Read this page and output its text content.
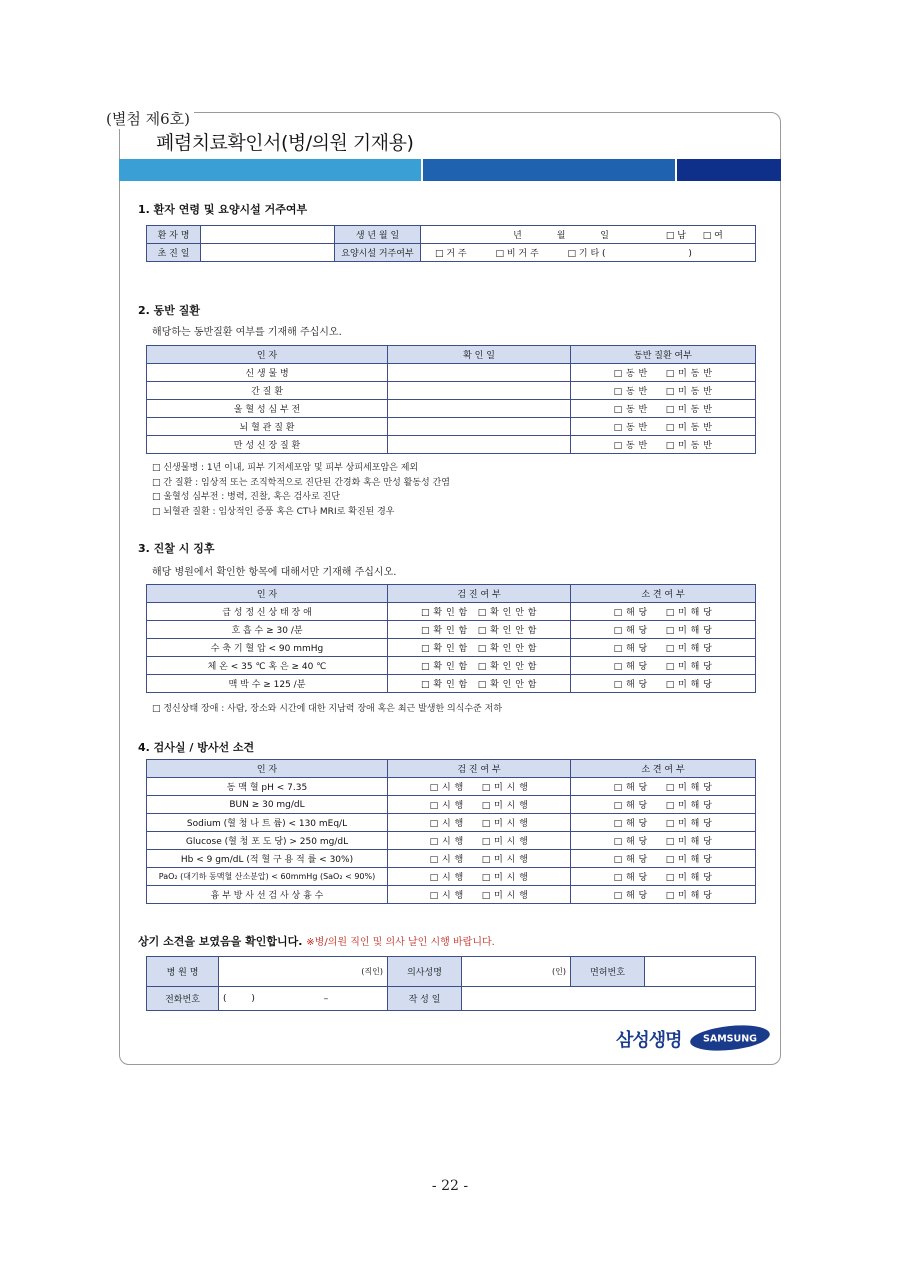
(별첨 제6호)
폐렴치료확인서(병/의원 기재용)
1. 환자 연령 및 요양시설 거주여부
환 자 명		생 년 월 일	년 월 일 □ 남 □ 여
초 진 일		요양시설 거주여부	□ 거 주 □ 비 거 주 □ 기 타 ( )
2. 동반 질환
해당하는 동반질환 여부를 기재해 주십시오.
인 자	확 인 일	동반 질환 여부
신 생 물 병		□ 동 반 □ 미 동 반
간 질 환		□ 동 반 □ 미 동 반
울 혈 성 심 부 전		□ 동 반 □ 미 동 반
뇌 혈 관 질 환		□ 동 반 □ 미 동 반
만 성 신 장 질 환		□ 동 반 □ 미 동 반
□ 신생물병 : 1년 이내, 피부 기저세포암 및 피부 상피세포암은 제외
□ 간 질환 : 임상적 또는 조직학적으로 진단된 간경화 혹은 만성 활동성 간염
□ 울혈성 심부전 : 병력, 진찰, 혹은 검사로 진단
□ 뇌혈관 질환 : 임상적인 증풍 혹은 CT나 MRI로 확진된 경우
3. 진찰 시 징후
해당 병원에서 확인한 항목에 대해서만 기재해 주십시오.
인 자	검 진 여 부	소 견 여 부
급 성 정 신 상 태 장 애	□ 확 인 함 □ 확 인 안 함	□ 해 당 □ 미 해 당
호 흡 수 ≥ 30 /분	□ 확 인 함 □ 확 인 안 함	□ 해 당 □ 미 해 당
수 축 기 혈 압 < 90 mmHg	□ 확 인 함 □ 확 인 안 함	□ 해 당 □ 미 해 당
체 온 < 35 ℃ 혹 은 ≥ 40 ℃	□ 확 인 함 □ 확 인 안 함	□ 해 당 □ 미 해 당
맥 박 수 ≥ 125 /분	□ 확 인 함 □ 확 인 안 함	□ 해 당 □ 미 해 당
□ 정신상태 장애 : 사람, 장소와 시간에 대한 지남력 장애 혹은 최근 발생한 의식수준 저하
4. 검사실 / 방사선 소견
인 자	검 진 여 부	소 견 여 부
동 맥 혈 pH < 7.35	□ 시 행 □ 미 시 행	□ 해 당 □ 미 해 당
BUN ≥ 30 mg/dL	□ 시 행 □ 미 시 행	□ 해 당 □ 미 해 당
Sodium (혈 청 나 트 륨) < 130 mEq/L	□ 시 행 □ 미 시 행	□ 해 당 □ 미 해 당
Glucose (혈 청 포 도 당) > 250 mg/dL	□ 시 행 □ 미 시 행	□ 해 당 □ 미 해 당
Hb < 9 gm/dL (적 혈 구 용 적 률 < 30%)	□ 시 행 □ 미 시 행	□ 해 당 □ 미 해 당
PaO₂ (대기하 동맥혈 산소분압) < 60mmHg (SaO₂ < 90%)	□ 시 행 □ 미 시 행	□ 해 당 □ 미 해 당
흉 부 방 사 선 검 사 상 흉 수	□ 시 행 □ 미 시 행	□ 해 당 □ 미 해 당
상기 소견을 보였음을 확인합니다. ※병/의원 직인 및 의사 날인 시행 바랍니다.
병 원 명	(직인)	의사성명	(인)	면허번호	
전화번호	( ) –	작 성 일			
삼성생명 SAMSUNG
- 22 -
